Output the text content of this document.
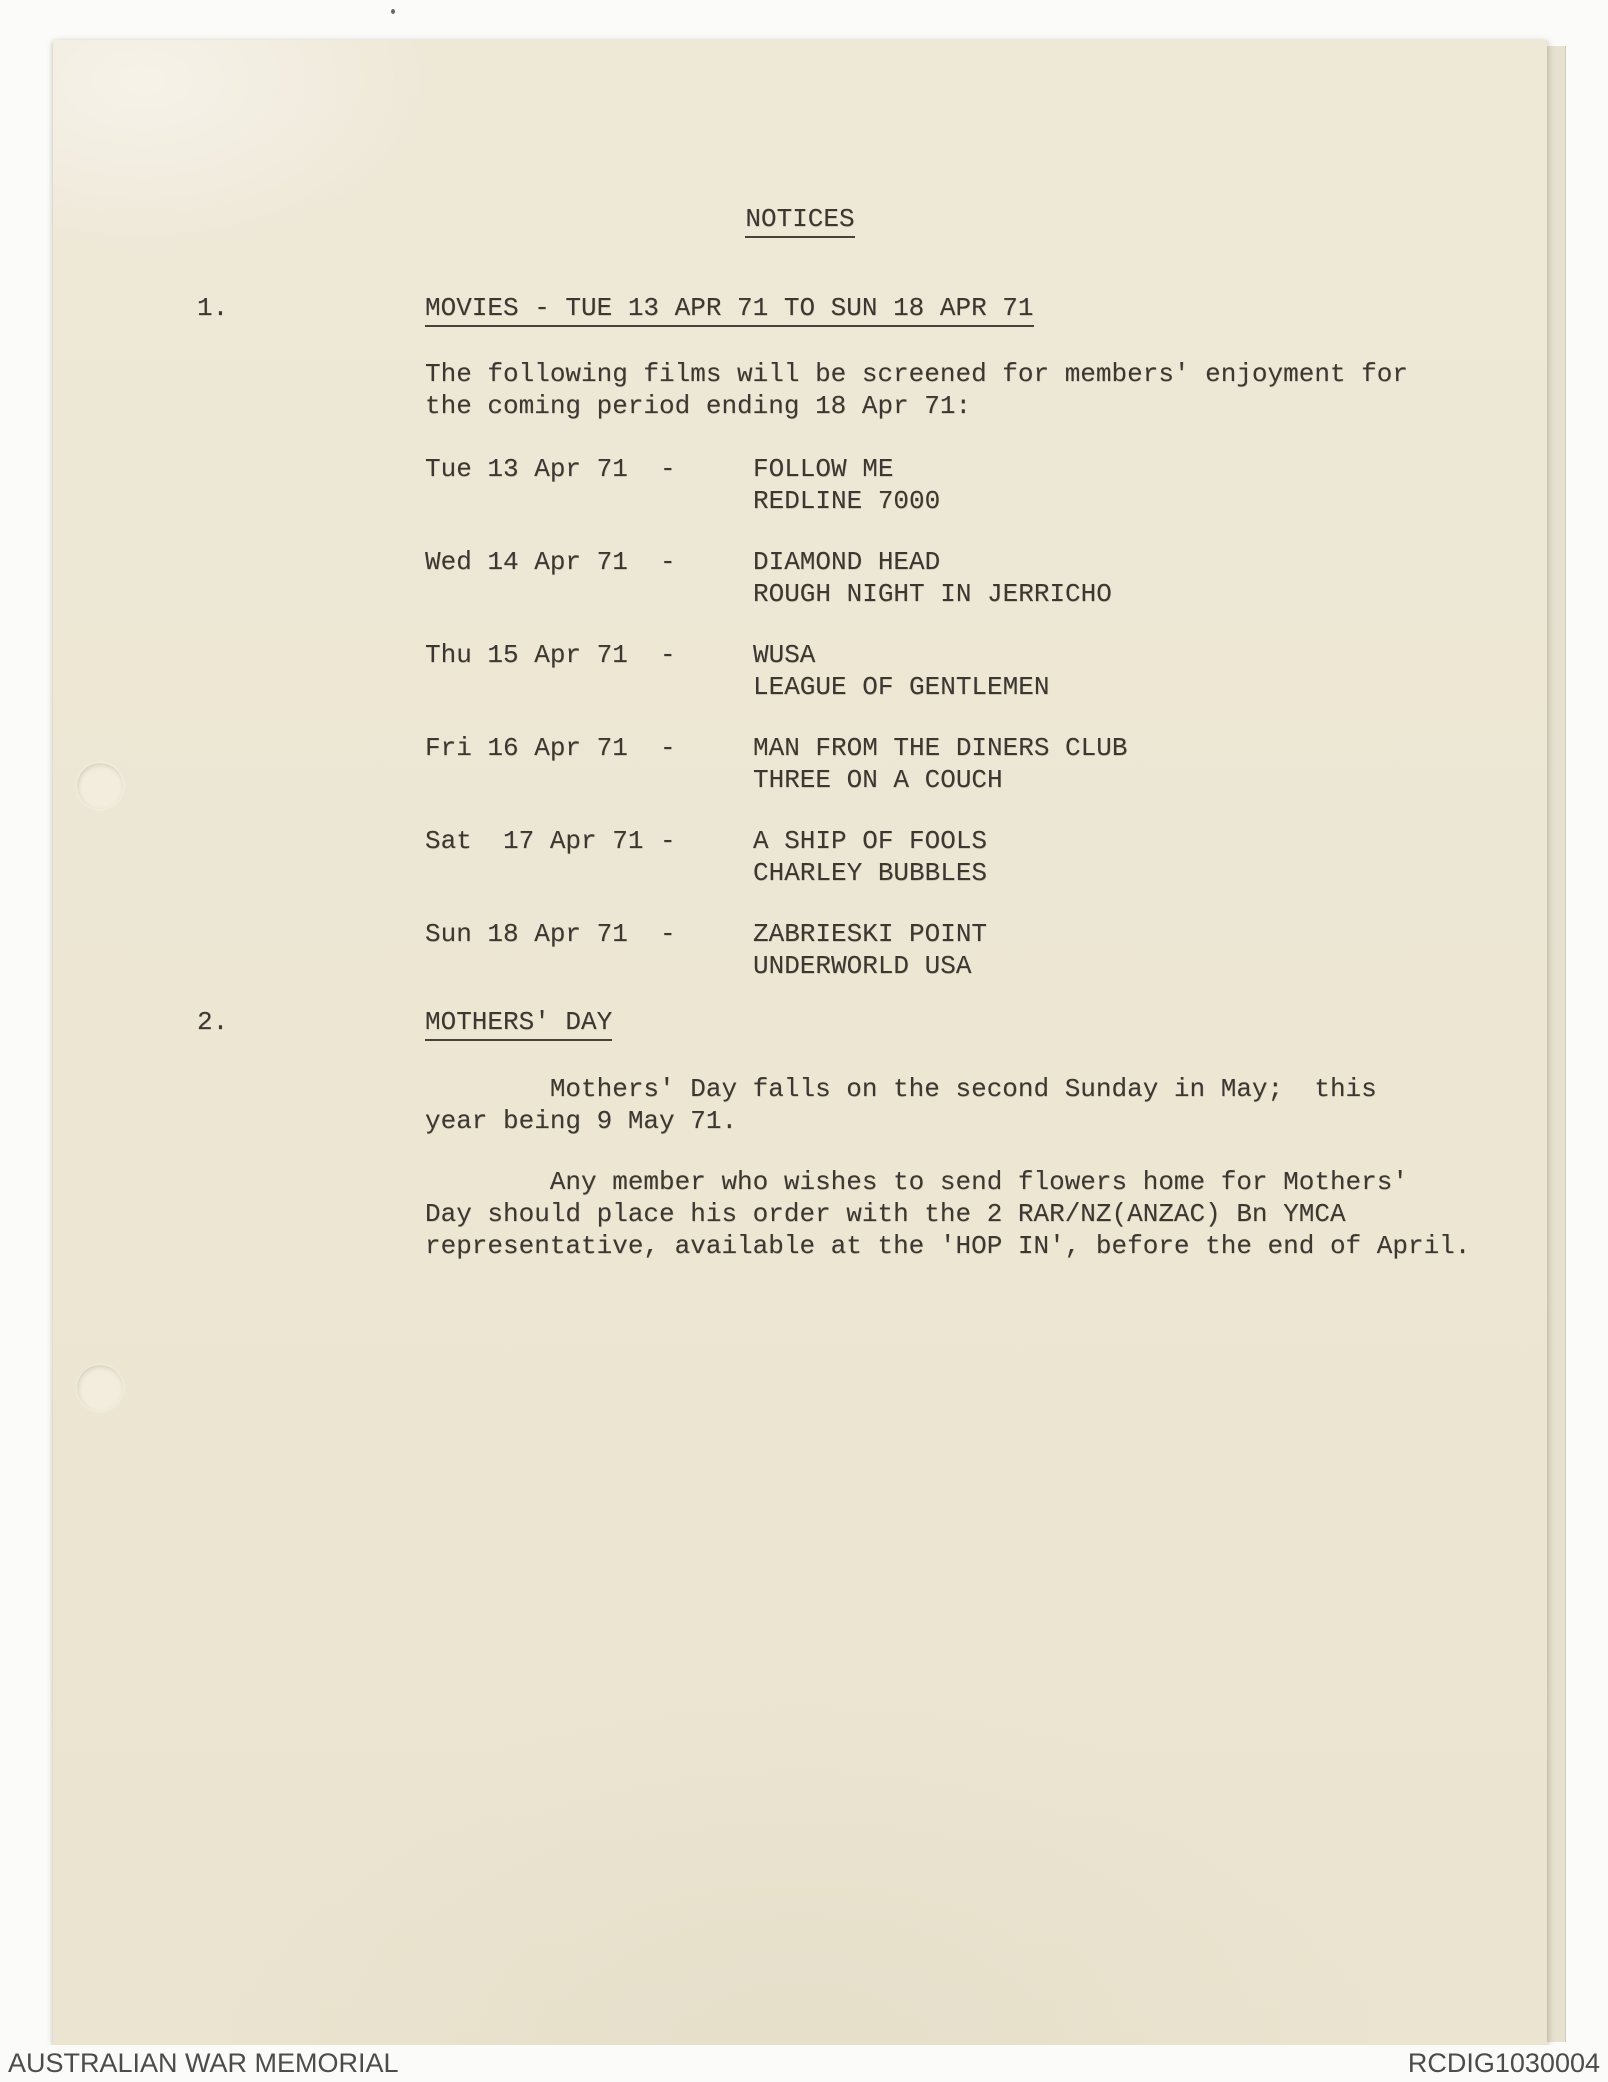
NOTICES
1.	MOVIES - TUE 13 APR 71 TO SUN 18 APR 71
The following films will be screened for members' enjoyment for
the coming period ending 18 Apr 71:
Tue 13 Apr 71	-	FOLLOW ME
REDLINE 7000
Wed 14 Apr 71	-	DIAMOND HEAD
ROUGH NIGHT IN JERRICHO
Thu 15 Apr 71	-	WUSA
LEAGUE OF GENTLEMEN
Fri 16 Apr 71	-	MAN FROM THE DINERS CLUB
THREE ON A COUCH
Sat  17 Apr 71 -	A SHIP OF FOOLS
CHARLEY BUBBLES
Sun 18 Apr 71	-	ZABRIESKI POINT
UNDERWORLD USA
2.	MOTHERS' DAY
Mothers' Day falls on the second Sunday in May;  this
year being 9 May 71.
Any member who wishes to send flowers home for Mothers'
Day should place his order with the 2 RAR/NZ(ANZAC) Bn YMCA
representative, available at the 'HOP IN', before the end of April.
AUSTRALIAN WAR MEMORIAL	RCDIG1030004
